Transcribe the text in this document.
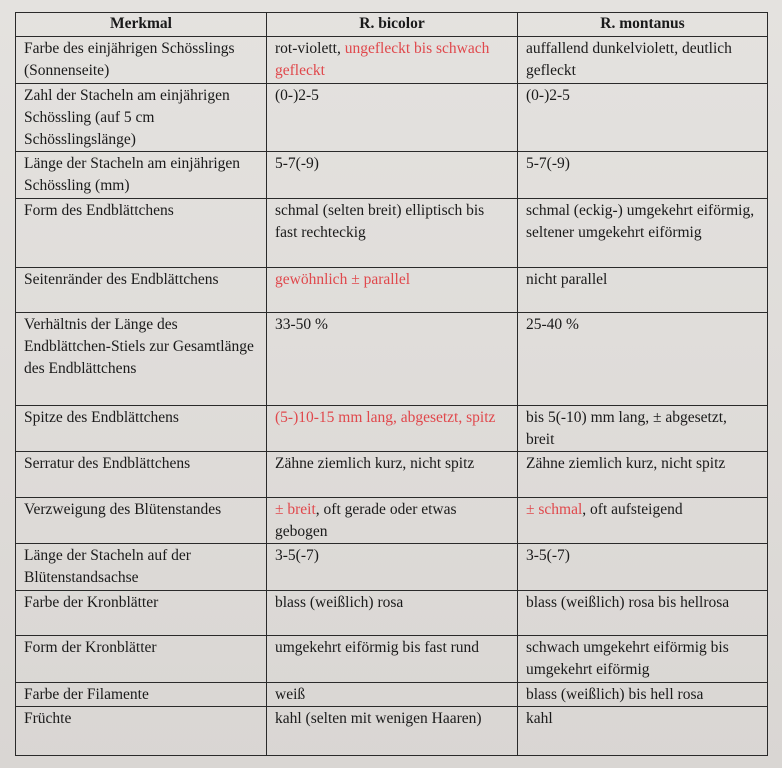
Merkmal	R. bicolor	R. montanus
Farbe des einjährigen Schösslings (Sonnenseite)	rot-violett, ungefleckt bis schwach gefleckt	auffallend dunkelviolett, deutlich gefleckt
Zahl der Stacheln am einjährigen Schössling (auf 5 cm Schösslingslänge)	(0-)2-5	(0-)2-5
Länge der Stacheln am einjährigen Schössling (mm)	5-7(-9)	5-7(-9)
Form des Endblättchens	schmal (selten breit) elliptisch bis fast rechteckig	schmal (eckig-) umgekehrt eiförmig, seltener umgekehrt eiförmig
Seitenränder des Endblättchens	gewöhnlich ± parallel	nicht parallel
Verhältnis der Länge des Endblättchen-Stiels zur Gesamtlänge des Endblättchens	33-50 %	25-40 %
Spitze des Endblättchens	(5-)10-15 mm lang, abgesetzt, spitz	bis 5(-10) mm lang, ± abgesetzt, breit
Serratur des Endblättchens	Zähne ziemlich kurz, nicht spitz	Zähne ziemlich kurz, nicht spitz
Verzweigung des Blütenstandes	± breit, oft gerade oder etwas gebogen	± schmal, oft aufsteigend
Länge der Stacheln auf der Blütenstandsachse	3-5(-7)	3-5(-7)
Farbe der Kronblätter	blass (weißlich) rosa	blass (weißlich) rosa bis hellrosa
Form der Kronblätter	umgekehrt eiförmig bis fast rund	schwach umgekehrt eiförmig bis umgekehrt eiförmig
Farbe der Filamente	weiß	blass (weißlich) bis hell rosa
Früchte	kahl (selten mit wenigen Haaren)	kahl
